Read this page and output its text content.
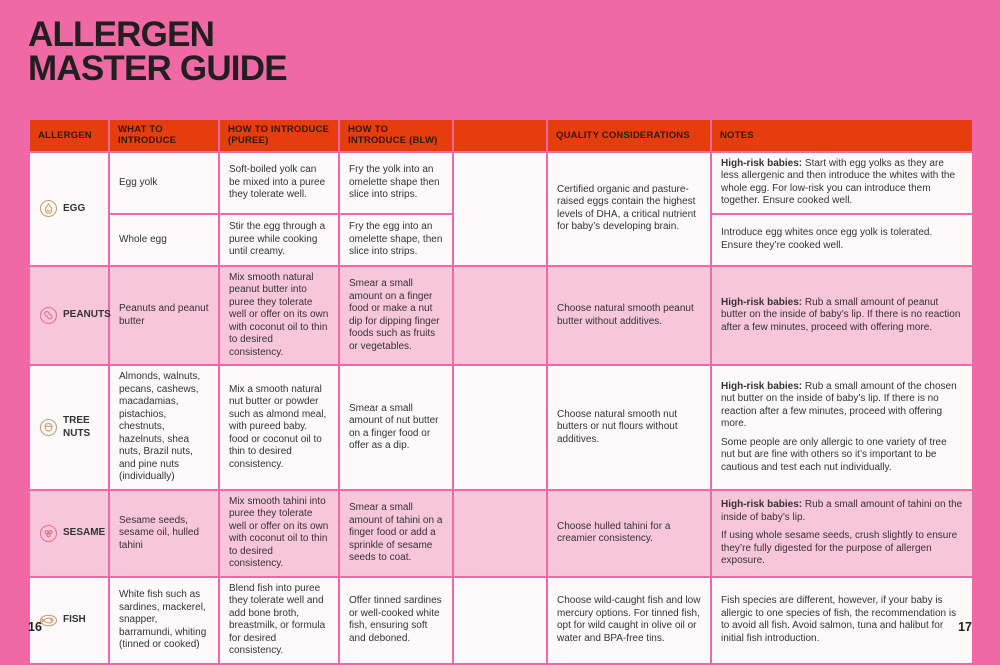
ALLERGEN
MASTER GUIDE
ALLERGEN	WHAT TO INTRODUCE	HOW TO INTRODUCE (PUREE)	HOW TO INTRODUCE (BLW)		QUALITY CONSIDERATIONS	NOTES

EGG	Egg yolk	Soft-boiled yolk can be mixed into a puree they tolerate well.	Fry the yolk into an omelette shape then slice into strips.		Certified organic and pasture-raised eggs contain the highest levels of DHA, a critical nutrient for baby’s developing brain.	High-risk babies: Start with egg yolks as they are less allergenic and then introduce the whites with the whole egg. For low-risk you can introduce them together. Ensure cooked well.

	Whole egg	Stir the egg through a puree while cooking until creamy.	Fry the egg into an omelette shape, then slice into strips.			Introduce egg whites once egg yolk is tolerated. Ensure they’re cooked well.

PEANUTS	Peanuts and peanut butter	Mix smooth natural peanut butter into puree they tolerate well or offer on its own with coconut oil to thin to desired consistency.	Smear a small amount on a finger food or make a nut dip for dipping finger foods such as fruits or vegetables.		Choose natural smooth peanut butter without additives.	High-risk babies: Rub a small amount of peanut butter on the inside of baby’s lip. If there is no reaction after a few minutes, proceed with offering more.

TREE NUTS	Almonds, walnuts, pecans, cashews, macadamias, pistachios, chestnuts, hazelnuts, shea nuts, Brazil nuts, and pine nuts (individually)	Mix a smooth natural nut butter or powder such as almond meal, with pureed baby. food or coconut oil to thin to desired consistency.	Smear a small amount of nut butter on a finger food or offer as a dip.		Choose natural smooth nut butters or nut flours without additives.	High-risk babies: Rub a small amount of the chosen nut butter on the inside of baby’s lip. If there is no reaction after a few minutes, proceed with offering more.

Some people are only allergic to one variety of tree nut but are fine with others so it’s important to be cautious and test each nut individually.

SESAME	Sesame seeds, sesame oil, hulled tahini	Mix smooth tahini into puree they tolerate well or offer on its own with coconut oil to thin to desired consistency.	Smear a small amount of tahini on a finger food or add a sprinkle of sesame seeds to coat.		Choose hulled tahini for a creamier consistency.	High-risk babies: Rub a small amount of tahini on the inside of baby’s lip.

If using whole sesame seeds, crush slightly to ensure they’re fully digested for the purpose of allergen exposure.

FISH	White fish such as sardines, mackerel, snapper, barramundi, whiting (tinned or cooked)	Blend fish into puree they tolerate well and add bone broth, breastmilk, or formula for desired consistency.	Offer tinned sardines or well-cooked white fish, ensuring soft and deboned.		Choose wild-caught fish and low mercury options. For tinned fish, opt for wild caught in olive oil or water and BPA-free tins.	Fish species are different, however, if your baby is allergic to one species of fish, the recommendation is to avoid all fish. Avoid salmon, tuna and halibut for initial fish introduction.

16	17
